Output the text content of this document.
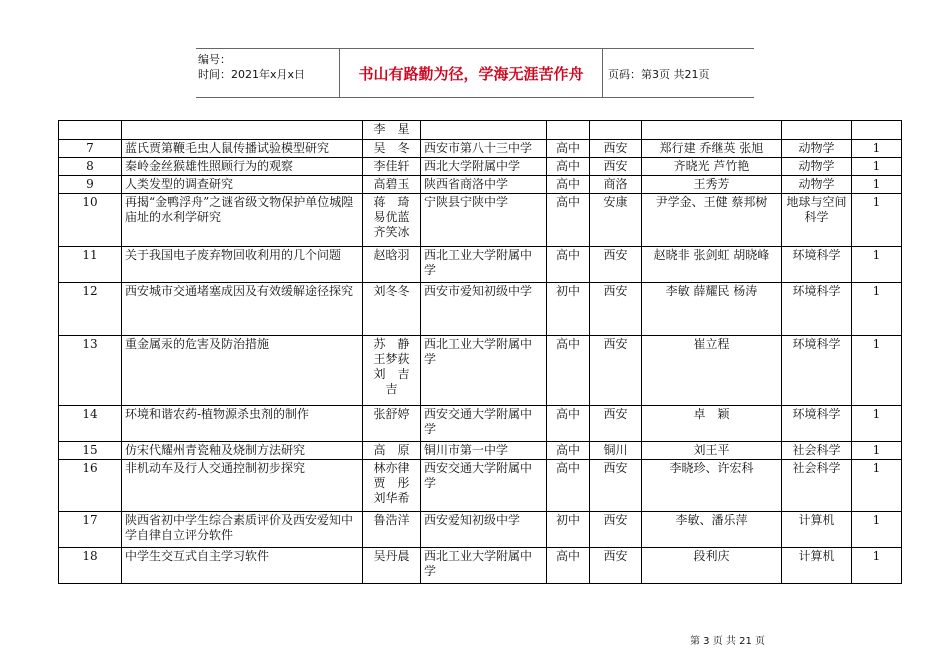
编号：
时间：2021年x月x日	书山有路勤为径，学海无涯苦作舟	页码：第3页 共21页
		李　星						
7	蓝氏贾第鞭毛虫人鼠传播试验模型研究	吴　冬	西安市第八十三中学	高中	西安	郑行建 乔继英 张旭	动物学	1
8	秦岭金丝猴雄性照顾行为的观察	李佳轩	西北大学附属中学	高中	西安	齐晓光 芦竹艳	动物学	1
9	人类发型的调查研究	高碧玉	陕西省商洛中学	高中	商洛	王秀芳	动物学	1
10	再揭“金鸭浮舟”之谜省级文物保护单位城隍庙址的水利学研究	蒋　琦
易优蓝
齐笑冰	宁陕县宁陕中学	高中	安康	尹学金、王健 蔡邦树	地球与空间科学	1
11	关于我国电子废弃物回收利用的几个问题	赵晗羽	西北工业大学附属中学	高中	西安	赵晓非 张剑虹 胡晓峰	环境科学	1
12	西安城市交通堵塞成因及有效缓解途径探究	刘冬冬	西安市爱知初级中学	初中	西安	李敏 薛耀民 杨涛	环境科学	1
13	重金属汞的危害及防治措施	苏　静
王梦荻
刘　吉
吉	西北工业大学附属中学	高中	西安	崔立程	环境科学	1
14	环境和谐农药-植物源杀虫剂的制作	张舒婷	西安交通大学附属中学	高中	西安	卓　颖	环境科学	1
15	仿宋代耀州青瓷釉及烧制方法研究	高　原	铜川市第一中学	高中	铜川	刘王平	社会科学	1
16	非机动车及行人交通控制初步探究	林亦律
贾　彤
刘华希	西安交通大学附属中学	高中	西安	李晓珍、许宏科	社会科学	1
17	陕西省初中学生综合素质评价及西安爱知中学自律自立评分软件	鲁浩洋	西安爱知初级中学	初中	西安	李敏、潘乐萍	计算机	1
18	中学生交互式自主学习软件	吴丹晨	西北工业大学附属中学	高中	西安	段利庆	计算机	1
第 3 页 共 21 页
